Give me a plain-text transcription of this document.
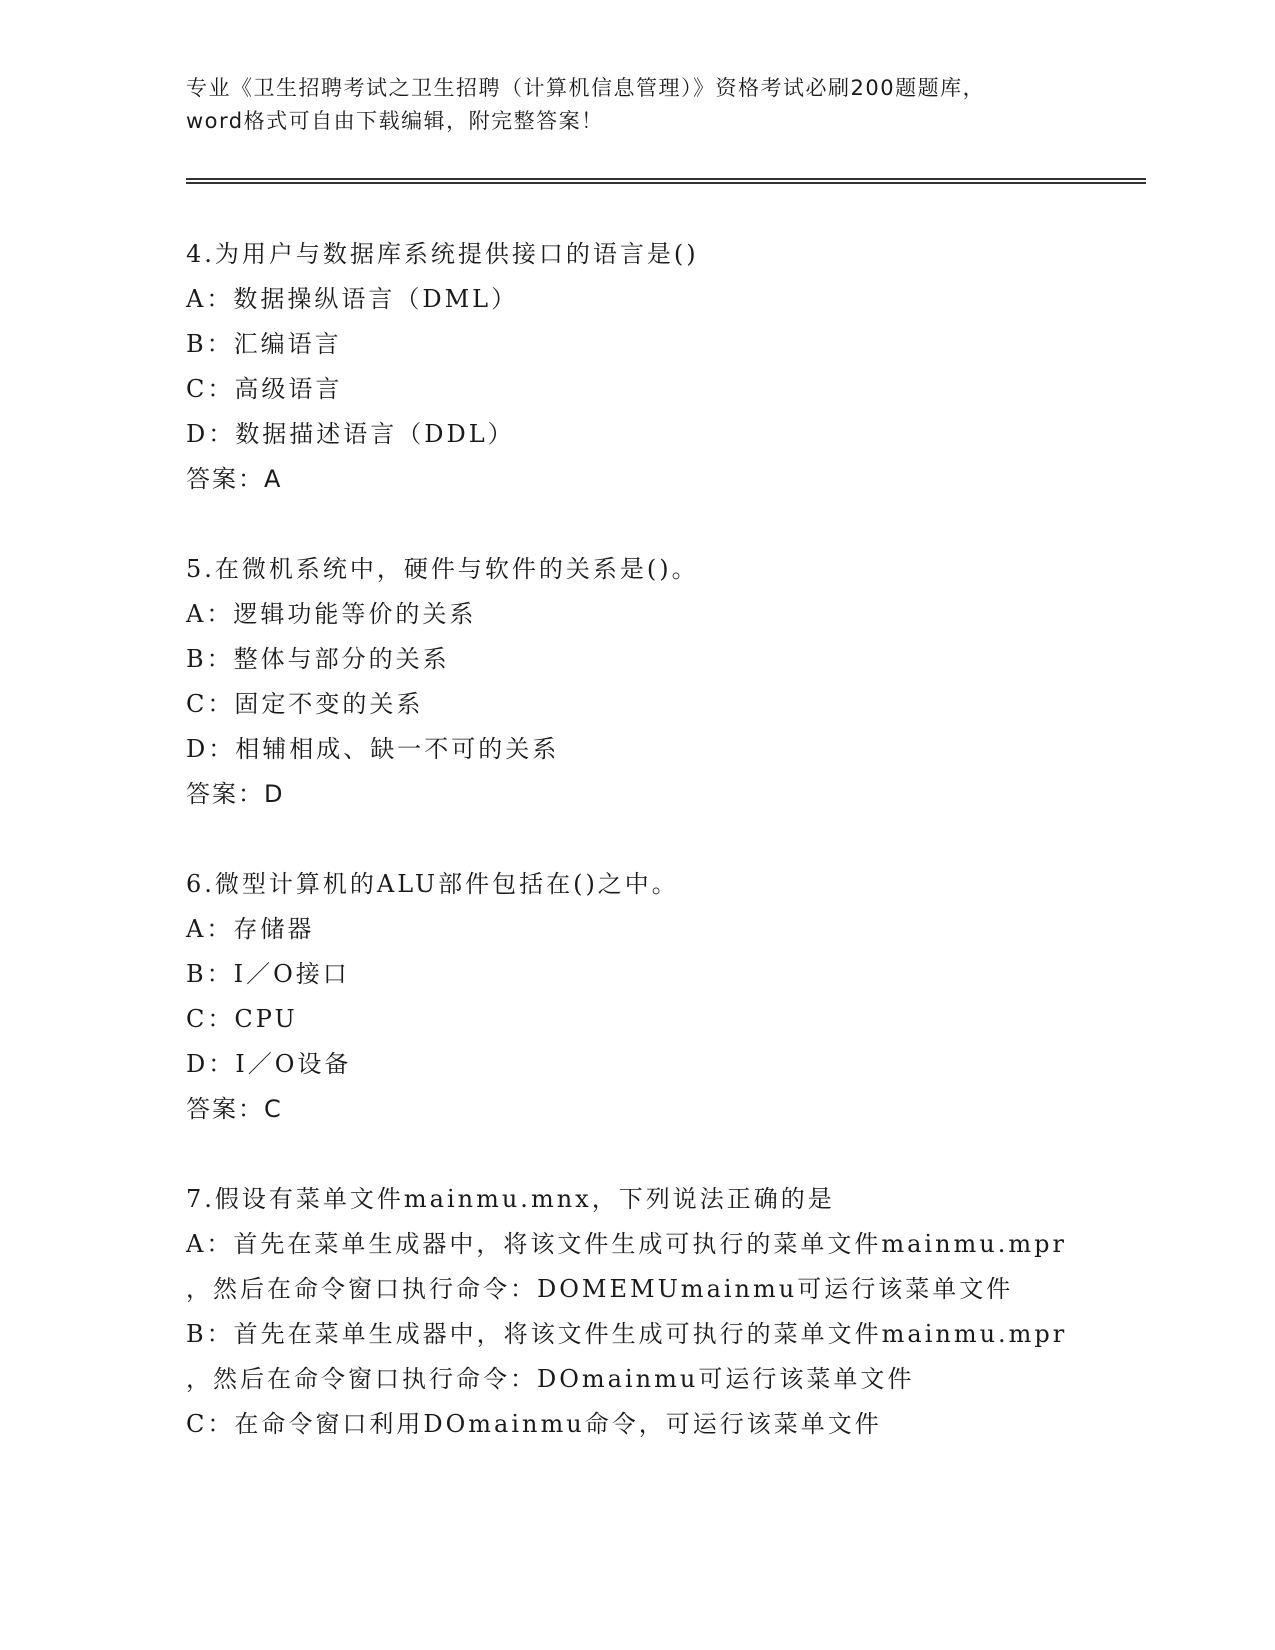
专业《卫生招聘考试之卫生招聘（计算机信息管理）》资格考试必刷200题题库，
word格式可自由下载编辑，附完整答案！

4.为用户与数据库系统提供接口的语言是()

A：数据操纵语言（DML）

B：汇编语言

C：高级语言

D：数据描述语言（DDL）

答案：A

5.在微机系统中，硬件与软件的关系是()。

A：逻辑功能等价的关系

B：整体与部分的关系

C：固定不变的关系

D：相辅相成、缺一不可的关系

答案：D

6.微型计算机的ALU部件包括在()之中。

A：存储器

B：I／O接口

C：CPU

D：I／O设备

答案：C

7.假设有菜单文件mainmu.mnx，下列说法正确的是

A：首先在菜单生成器中，将该文件生成可执行的菜单文件mainmu.mpr

，然后在命令窗口执行命令：DOMEMUmainmu可运行该菜单文件

B：首先在菜单生成器中，将该文件生成可执行的菜单文件mainmu.mpr

，然后在命令窗口执行命令：DOmainmu可运行该菜单文件

C：在命令窗口利用DOmainmu命令，可运行该菜单文件
